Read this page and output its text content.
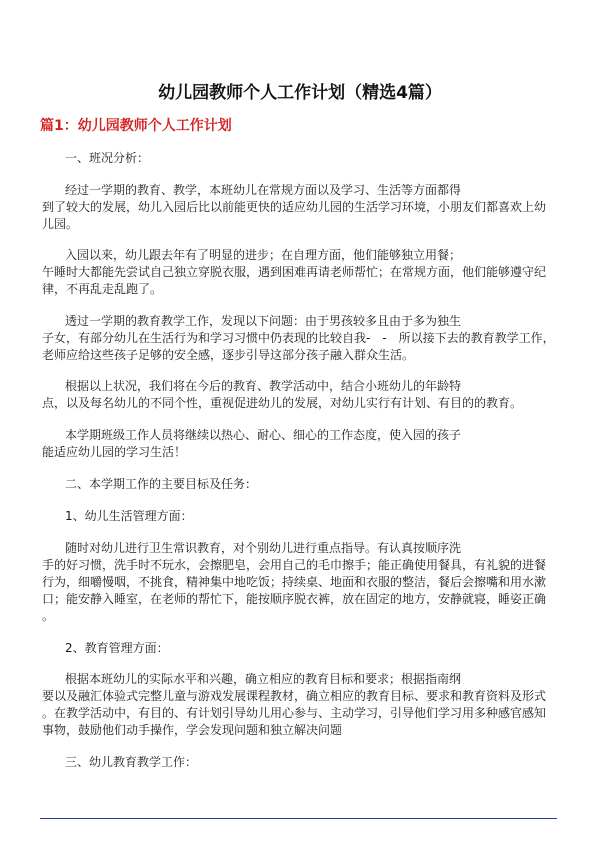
幼儿园教师个人工作计划（精选4篇）
篇1：幼儿园教师个人工作计划
一、班况分析：
经过一学期的教育、教学，本班幼儿在常规方面以及学习、生活等方面都得
到了较大的发展，幼儿入园后比以前能更快的适应幼儿园的生活学习环境，小朋友们都喜欢上幼
儿园。
入园以来，幼儿跟去年有了明显的进步；在自理方面，他们能够独立用餐；
午睡时大都能先尝试自己独立穿脱衣服，遇到困难再请老师帮忙；在常规方面，他们能够遵守纪
律，不再乱走乱跑了。
透过一学期的教育教学工作，发现以下问题：由于男孩较多且由于多为独生
子女，有部分幼儿在生活行为和学习习惯中仍表现的比较自我-　-　所以接下去的教育教学工作，
老师应给这些孩子足够的安全感，逐步引导这部分孩子融入群众生活。
根据以上状况，我们将在今后的教育、教学活动中，结合小班幼儿的年龄特
点，以及每名幼儿的不同个性，重视促进幼儿的发展，对幼儿实行有计划、有目的的教育。
本学期班级工作人员将继续以热心、耐心、细心的工作态度，使入园的孩子
能适应幼儿园的学习生活！
二、本学期工作的主要目标及任务：
1、幼儿生活管理方面：
随时对幼儿进行卫生常识教育，对个别幼儿进行重点指导。有认真按顺序洗
手的好习惯，洗手时不玩水，会擦肥皂，会用自己的毛巾擦手；能正确使用餐具，有礼貌的进餐
行为，细嚼慢咽，不挑食，精神集中地吃饭；持续桌、地面和衣服的整洁，餐后会擦嘴和用水漱
口；能安静入睡室，在老师的帮忙下，能按顺序脱衣裤，放在固定的地方，安静就寝，睡姿正确
。
2、教育管理方面：
根据本班幼儿的实际水平和兴趣，确立相应的教育目标和要求；根据指南纲
要以及融汇体验式完整儿童与游戏发展课程教材，确立相应的教育目标、要求和教育资料及形式
。在教学活动中，有目的、有计划引导幼儿用心参与、主动学习，引导他们学习用多种感官感知
事物，鼓励他们动手操作，学会发现问题和独立解决问题
三、幼儿教育教学工作：
